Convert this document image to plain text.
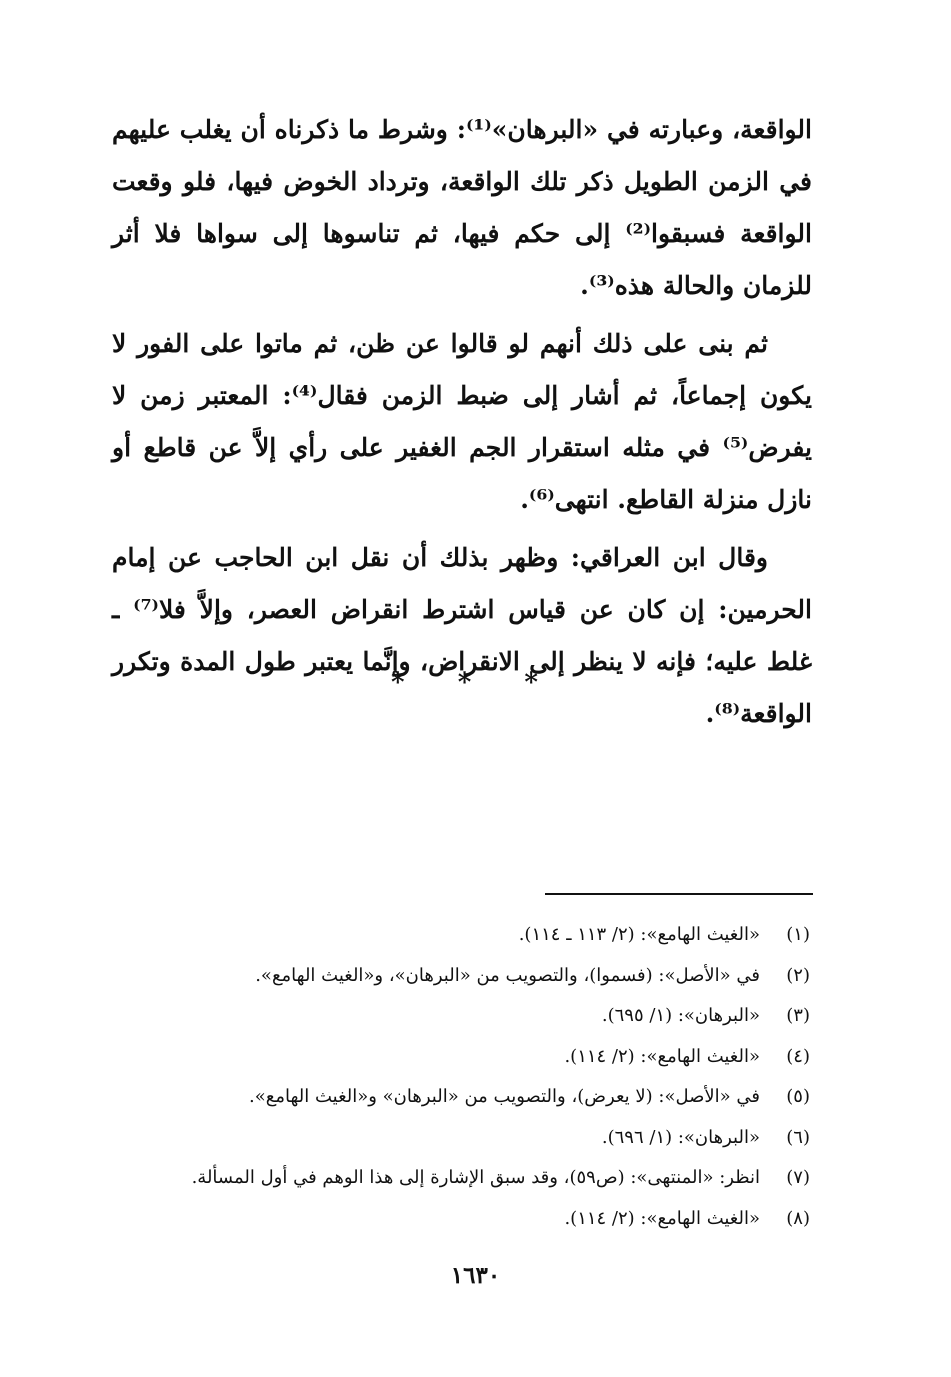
الواقعة، وعبارته في «البرهان»⁽¹⁾: وشرط ما ذكرناه أن يغلب عليهم في الزمن الطويل ذكر تلك الواقعة، وترداد الخوض فيها، فلو وقعت الواقعة فسبقوا⁽²⁾ إلى حكم فيها، ثم تناسوها إلى سواها فلا أثر للزمان والحالة هذه⁽³⁾.

ثم بنى على ذلك أنهم لو قالوا عن ظن، ثم ماتوا على الفور لا يكون إجماعاً، ثم أشار إلى ضبط الزمن فقال⁽⁴⁾: المعتبر زمن لا يفرض⁽⁵⁾ في مثله استقرار الجم الغفير على رأي إلاَّ عن قاطع أو نازل منزلة القاطع. انتهى⁽⁶⁾.

وقال ابن العراقي: وظهر بذلك أن نقل ابن الحاجب عن إمام الحرمين: إن كان عن قياس اشترط انقراض العصر، وإلاَّ فلا⁽⁷⁾ ـ غلط عليه؛ فإنه لا ينظر إلى الانقراض، وإنَّما يعتبر طول المدة وتكرر الواقعة⁽⁸⁾.

* * *
(١)
«الغيث الهامع»: (٢/ ١١٣ ـ ١١٤).
(٢)
في «الأصل»: (فسموا)، والتصويب من «البرهان»، و«الغيث الهامع».
(٣)
«البرهان»: (١/ ٦٩٥).
(٤)
«الغيث الهامع»: (٢/ ١١٤).
(٥)
في «الأصل»: (لا يعرض)، والتصويب من «البرهان» و«الغيث الهامع».
(٦)
«البرهان»: (١/ ٦٩٦).
(٧)
انظر: «المنتهى»: (ص٥٩)، وقد سبق الإشارة إلى هذا الوهم في أول المسألة.
(٨)
«الغيث الهامع»: (٢/ ١١٤).
١٦٣٠
